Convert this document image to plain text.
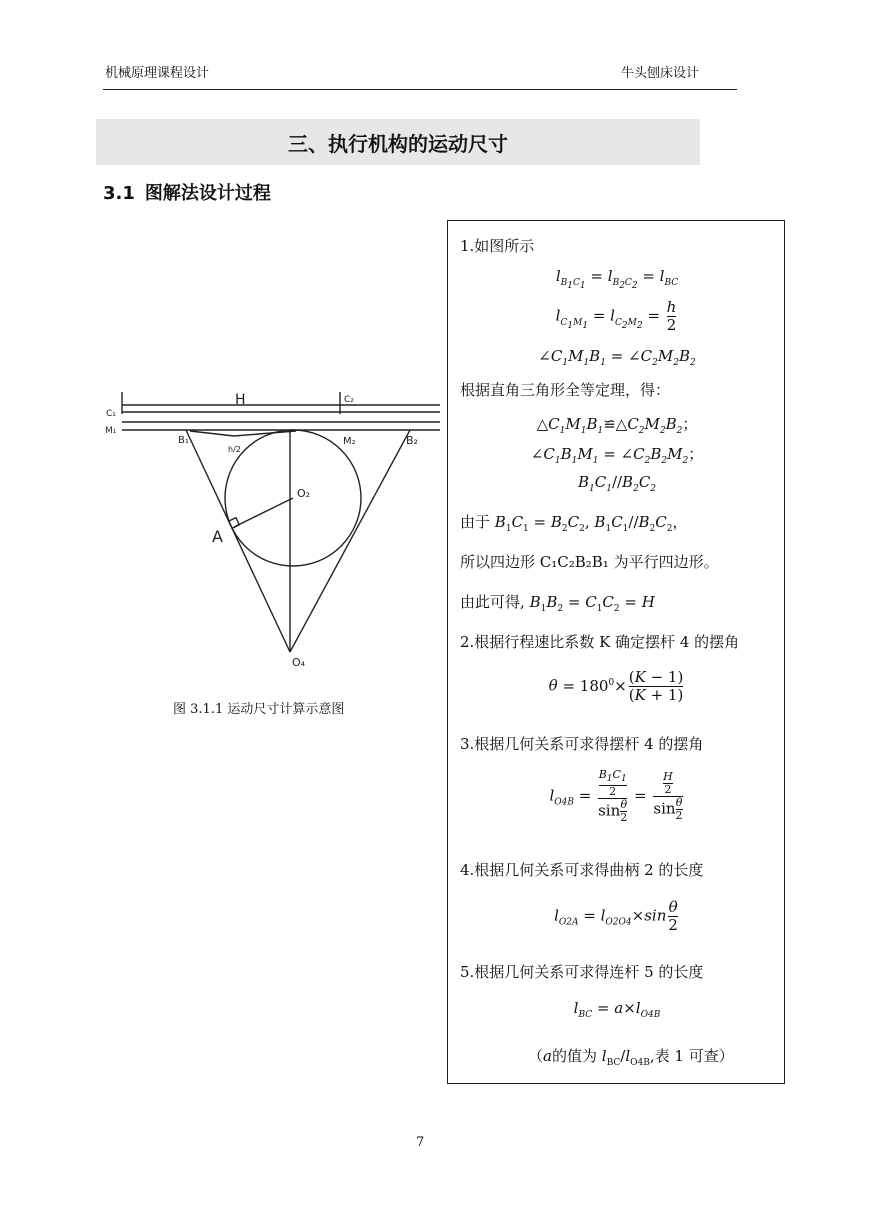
机械原理课程设计	牛头刨床设计
三、执行机构的运动尺寸
3.1 图解法设计过程
H
C₁
C₂
M₁
M₂
B₁	B₂
h/2
O₂
A
O₄
图 3.1.1 运动尺寸计算示意图
1.如图所示
$l_{B_1C_1} = l_{B_2C_2} = l_{BC}$
$l_{C_1M_1} = l_{C_2M_2} = \frac{h}{2}$
$\angle C_1M_1B_1$ = $\angle C_2M_2B_2$
根据直角三角形全等定理，得：
$\triangle C_1M_1B_1≌\triangle C_2M_2B_2$；
$\angle C_1B_1M_1$ = $\angle C_2B_2M_2$；
$B_1C_1//B_2C_2$
由于 $B_1C_1 = B_2C_2$, $B_1C_1//B_2C_2$，
所以四边形 C₁C₂B₂B₁ 为平行四边形。
由此可得, $B_1B_2 = C_1C_2 = H$
2.根据行程速比系数 K 确定摆杆 4 的摆角
$\theta = 180^0\times \frac{(K - 1)}{(K + 1)}$
3.根据几何关系可求得摆杆 4 的摆角
$l_{O4B} = \frac{\frac{B_1C_1}{2}}{\sin \frac{\theta}{2}} = \frac{\frac{H}{2}}{\sin \frac{\theta}{2}}$
4.根据几何关系可求得曲柄 2 的长度
$l_{O2A} = l_{O2O4}\times\sin \frac{\theta}{2}$
5.根据几何关系可求得连杆 5 的长度
$l_{BC} = a\times l_{O4B}$
（a的值为 $l_{BC}/l_{O4B}$,表 1 可查）
7
